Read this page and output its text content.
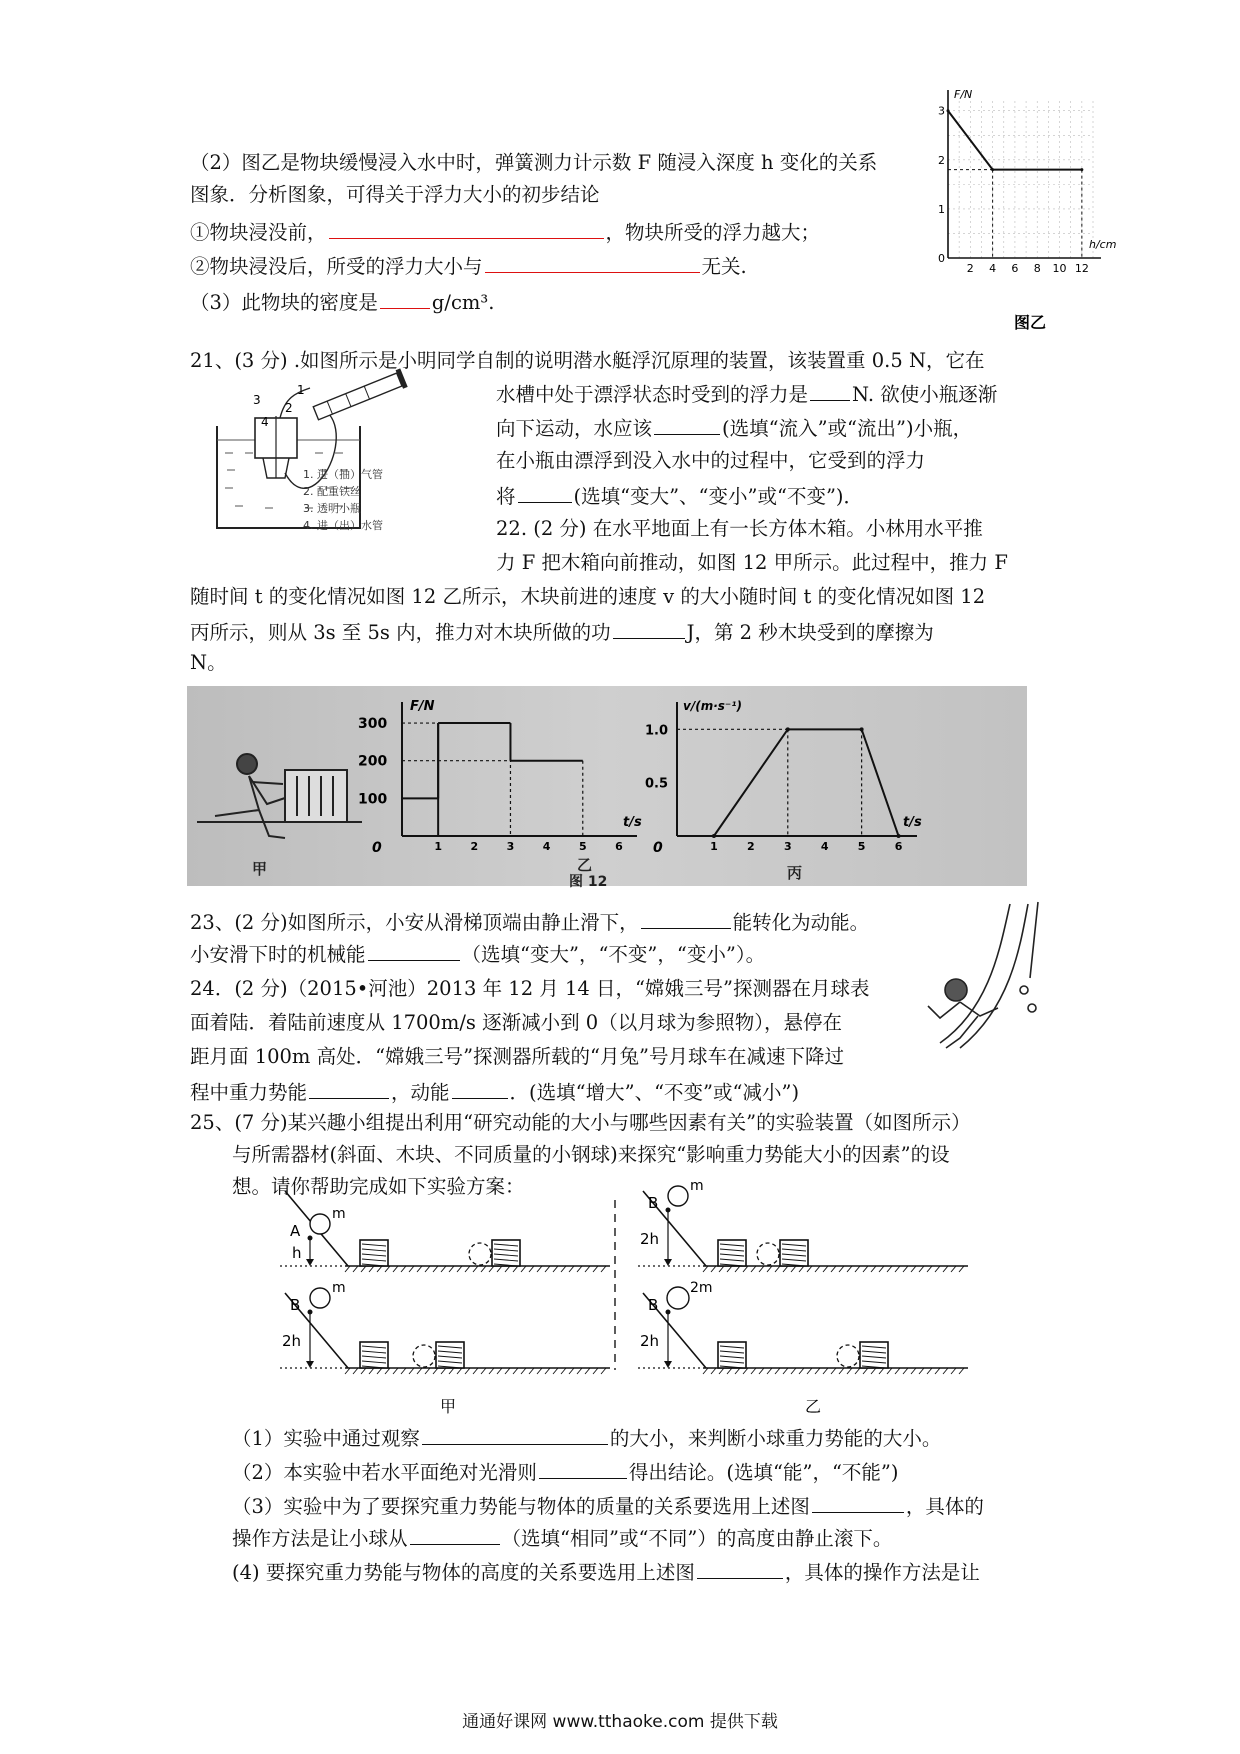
（2）图乙是物块缓慢浸入水中时，弹簧测力计示数 F 随浸入深度 h 变化的关系
图象．分析图象，可得关于浮力大小的初步结论
①物块浸没前，	，物块所受的浮力越大；
②物块浸没后，所受的浮力大小与	无关.
（3）此物块的密度是	g/cm³.
F/N
h/cm
0
2 4 6 8 10 12
1
2
3
图乙
21、(3 分) .如图所示是小明同学自制的说明潜水艇浮沉原理的装置，该装置重 0.5 N，它在
水槽中处于漂浮状态时受到的浮力是 N. 欲使小瓶逐渐
向下运动，水应该	(选填“流入”或“流出”)小瓶，
在小瓶由漂浮到没入水中的过程中，它受到的浮力
将	(选填“变大”、“变小”或“不变”)．
3
4
2
1
1. 进（抽）气管
2. 配重铁丝
3. 透明小瓶
4. 进（出）水管	22. (2 分) 在水平地面上有一长方体木箱。小林用水平推
力 F 把木箱向前推动，如图 12 甲所示。此过程中，推力 F
随时间 t 的变化情况如图 12 乙所示，木块前进的速度 v 的大小随时间 t 的变化情况如图 12
丙所示，则从 3s 至 5s 内，推力对木块所做的功	J，第 2 秒木块受到的摩擦为
N。
甲
F/N
t/s
0	1	2	3	4	5	6
100
200
300
v/(m·s⁻¹)
t/s
0	1	2	3	4	5	6
0.5
1.0
乙
图 12	丙
23、(2 分)如图所示，小安从滑梯顶端由静止滑下，	能转化为动能。
小安滑下时的机械能	（选填“变大”，“不变”，“变小”）。
24．(2 分)（2015•河池）2013 年 12 月 14 日，“嫦娥三号”探测器在月球表
面着陆．着陆前速度从 1700m/s 逐渐减小到 0（以月球为参照物），悬停在
距月面 100m 高处．“嫦娥三号”探测器所载的“月兔”号月球车在减速下降过
程中重力势能	，动能	．(选填“增大”、“不变”或“减小”)
25、(7 分)某兴趣小组提出利用“研究动能的大小与哪些因素有关”的实验装置（如图所示）
与所需器材(斜面、木块、不同质量的小钢球)来探究“影响重力势能大小的因素”的设
想。请你帮助完成如下实验方案：
h
A
m
2h
B
m
2h
B
m
2h
B
2m
甲	乙
（1）实验中通过观察	的大小，来判断小球重力势能的大小。
（2）本实验中若水平面绝对光滑则	得出结论。(选填“能”，“不能”)
（3）实验中为了要探究重力势能与物体的质量的关系要选用上述图	，具体的
操作方法是让小球从	（选填“相同”或“不同”）的高度由静止滚下。
(4) 要探究重力势能与物体的高度的关系要选用上述图	，具体的操作方法是让
通通好课网 www.tthaoke.com 提供下载
